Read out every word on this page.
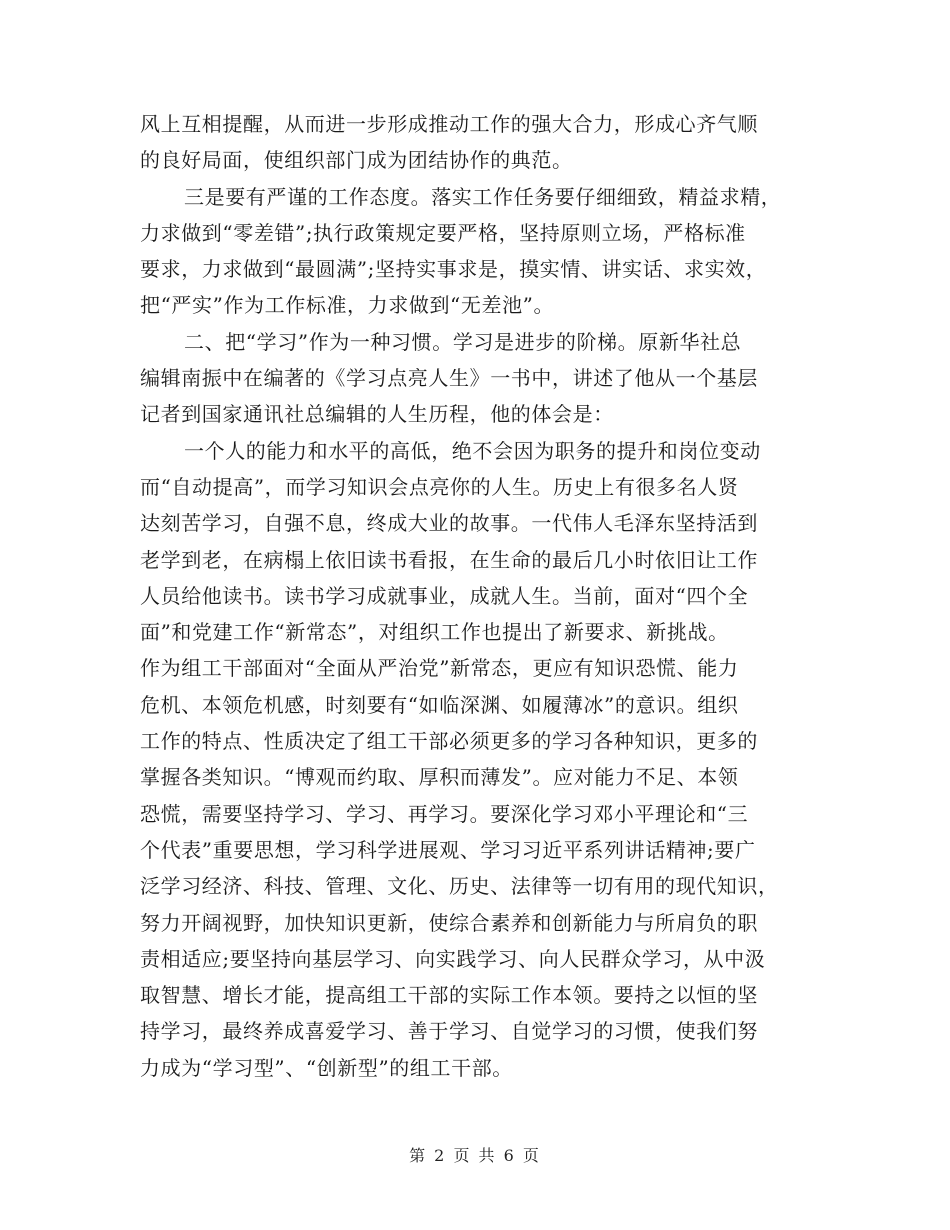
风上互相提醒，从而进一步形成推动工作的强大合力，形成心齐气顺
的良好局面，使组织部门成为团结协作的典范。
三是要有严谨的工作态度。落实工作任务要仔细细致，精益求精，
力求做到“零差错”;执行政策规定要严格，坚持原则立场，严格标准
要求，力求做到“最圆满”;坚持实事求是，摸实情、讲实话、求实效，
把“严实”作为工作标准，力求做到“无差池”。
二、把“学习”作为一种习惯。学习是进步的阶梯。原新华社总
编辑南振中在编著的《学习点亮人生》一书中，讲述了他从一个基层
记者到国家通讯社总编辑的人生历程，他的体会是：
一个人的能力和水平的高低，绝不会因为职务的提升和岗位变动
而“自动提高”，而学习知识会点亮你的人生。历史上有很多名人贤
达刻苦学习，自强不息，终成大业的故事。一代伟人毛泽东坚持活到
老学到老，在病榻上依旧读书看报，在生命的最后几小时依旧让工作
人员给他读书。读书学习成就事业，成就人生。当前，面对“四个全
面”和党建工作“新常态”，对组织工作也提出了新要求、新挑战。
作为组工干部面对“全面从严治党”新常态，更应有知识恐慌、能力
危机、本领危机感，时刻要有“如临深渊、如履薄冰”的意识。组织
工作的特点、性质决定了组工干部必须更多的学习各种知识，更多的
掌握各类知识。“博观而约取、厚积而薄发”。应对能力不足、本领
恐慌，需要坚持学习、学习、再学习。要深化学习邓小平理论和“三
个代表”重要思想，学习科学进展观、学习习近平系列讲话精神;要广
泛学习经济、科技、管理、文化、历史、法律等一切有用的现代知识，
努力开阔视野，加快知识更新，使综合素养和创新能力与所肩负的职
责相适应;要坚持向基层学习、向实践学习、向人民群众学习，从中汲
取智慧、增长才能，提高组工干部的实际工作本领。要持之以恒的坚
持学习，最终养成喜爱学习、善于学习、自觉学习的习惯，使我们努
力成为“学习型”、“创新型”的组工干部。
第 2 页 共 6 页
